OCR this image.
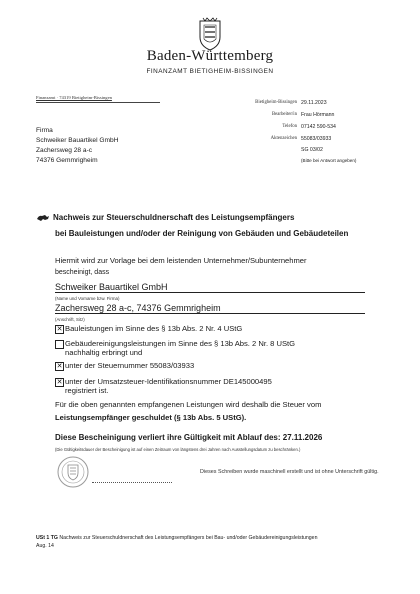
Baden-Württemberg
FINANZAMT BIETIGHEIM-BISSINGEN
Finanzamt · 74319 Bietigheim-Bissingen
Bietigheim-Bissingen 29.11.2023
Bearbeiter/in Frau Hörmann
Telefon 07142 590-534
Aktenzeichen 55083/03933
SG 03/02
(Bitte bei Antwort angeben)
Firma
Schweiker Bauartikel GmbH
Zachersweg 28 a-c
74376 Gemmrigheim
Nachweis zur Steuerschuldnerschaft des Leistungsempfängers
bei Bauleistungen und/oder der Reinigung von Gebäuden und Gebäudeteilen
Hiermit wird zur Vorlage bei dem leistenden Unternehmer/Subunternehmer
bescheinigt, dass
Schweiker Bauartikel GmbH
(Name und Vorname bzw. Firma)
Zachersweg 28 a-c, 74376 Gemmrigheim
(Anschrift, Sitz)
✕ Bauleistungen im Sinne des § 13b Abs. 2 Nr. 4 UStG
Gebäudereinigungsleistungen im Sinne des § 13b Abs. 2 Nr. 8 UStG
nachhaltig erbringt und
✕ unter der Steuernummer 55083/03933
✕ unter der Umsatzsteuer-Identifikationsnummer DE145000495
registriert ist.
Für die oben genannten empfangenen Leistungen wird deshalb die Steuer vom
Leistungsempfänger geschuldet (§ 13b Abs. 5 UStG).
Diese Bescheinigung verliert ihre Gültigkeit mit Ablauf des: 27.11.2026
(Die Gültigkeitsdauer der Bescheinigung ist auf einen Zeitraum von längstens drei Jahren nach Ausstellungsdatum zu beschränken.)
Dieses Schreiben wurde maschinell erstellt und ist ohne Unterschrift gültig.
USt 1 TG Nachweis zur Steuerschuldnerschaft des Leistungsempfängers bei Bau- und/oder Gebäudereinigungsleistungen
Aug. 14
